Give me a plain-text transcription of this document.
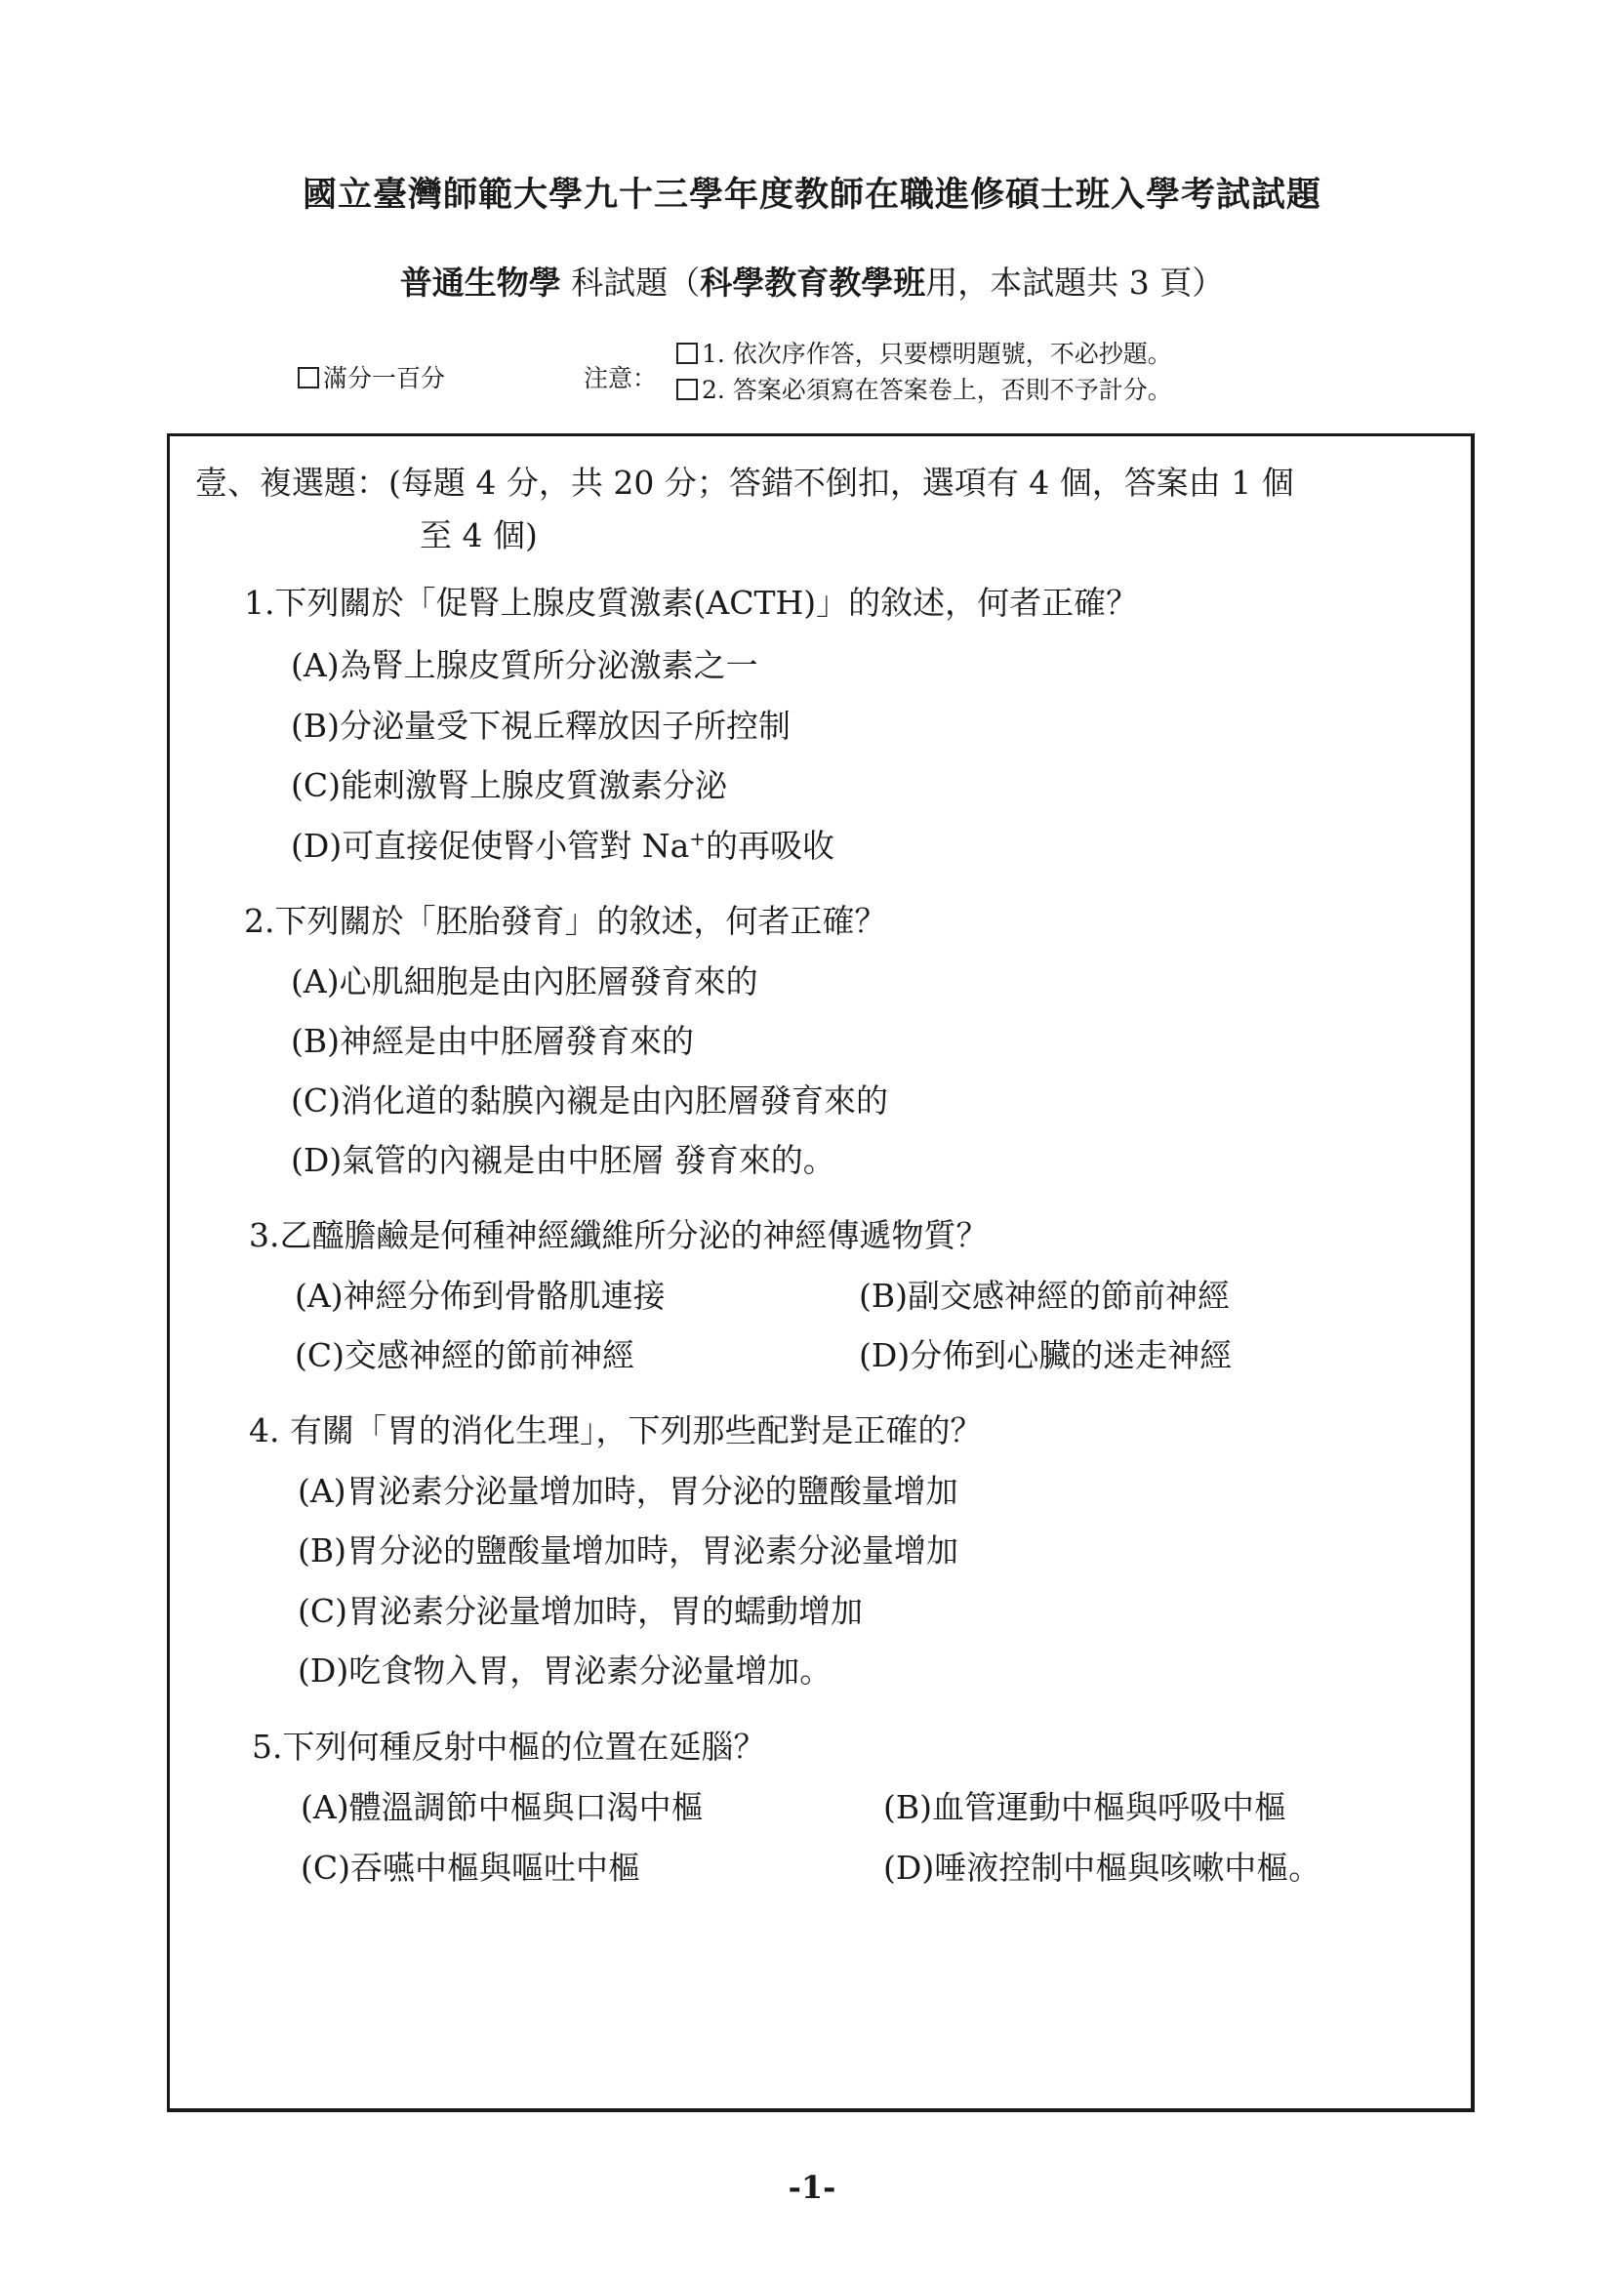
國立臺灣師範大學九十三學年度教師在職進修碩士班入學考試試題
普通生物學 科試題（科學教育教學班用，本試題共 3 頁）
滿分一百分	注意：
1. 依次序作答，只要標明題號，不必抄題。
2. 答案必須寫在答案卷上，否則不予計分。
壹、複選題：(每題 4 分，共 20 分；答錯不倒扣，選項有 4 個，答案由 1 個
至 4 個)
1.下列關於「促腎上腺皮質激素(ACTH)」的敘述，何者正確？
(A)為腎上腺皮質所分泌激素之一
(B)分泌量受下視丘釋放因子所控制
(C)能刺激腎上腺皮質激素分泌
(D)可直接促使腎小管對 Na+的再吸收
2.下列關於「胚胎發育」的敘述，何者正確？
(A)心肌細胞是由內胚層發育來的
(B)神經是由中胚層發育來的
(C)消化道的黏膜內襯是由內胚層發育來的
(D)氣管的內襯是由中胚層 發育來的。
3.乙醯膽鹼是何種神經纖維所分泌的神經傳遞物質？
(A)神經分佈到骨骼肌連接	(B)副交感神經的節前神經
(C)交感神經的節前神經	(D)分佈到心臟的迷走神經
4. 有關「胃的消化生理」，下列那些配對是正確的？
(A)胃泌素分泌量增加時，胃分泌的鹽酸量增加
(B)胃分泌的鹽酸量增加時，胃泌素分泌量增加
(C)胃泌素分泌量增加時，胃的蠕動增加
(D)吃食物入胃，胃泌素分泌量增加。
5.下列何種反射中樞的位置在延腦？
(A)體溫調節中樞與口渴中樞	(B)血管運動中樞與呼吸中樞
(C)吞嚥中樞與嘔吐中樞	(D)唾液控制中樞與咳嗽中樞。
-1-
